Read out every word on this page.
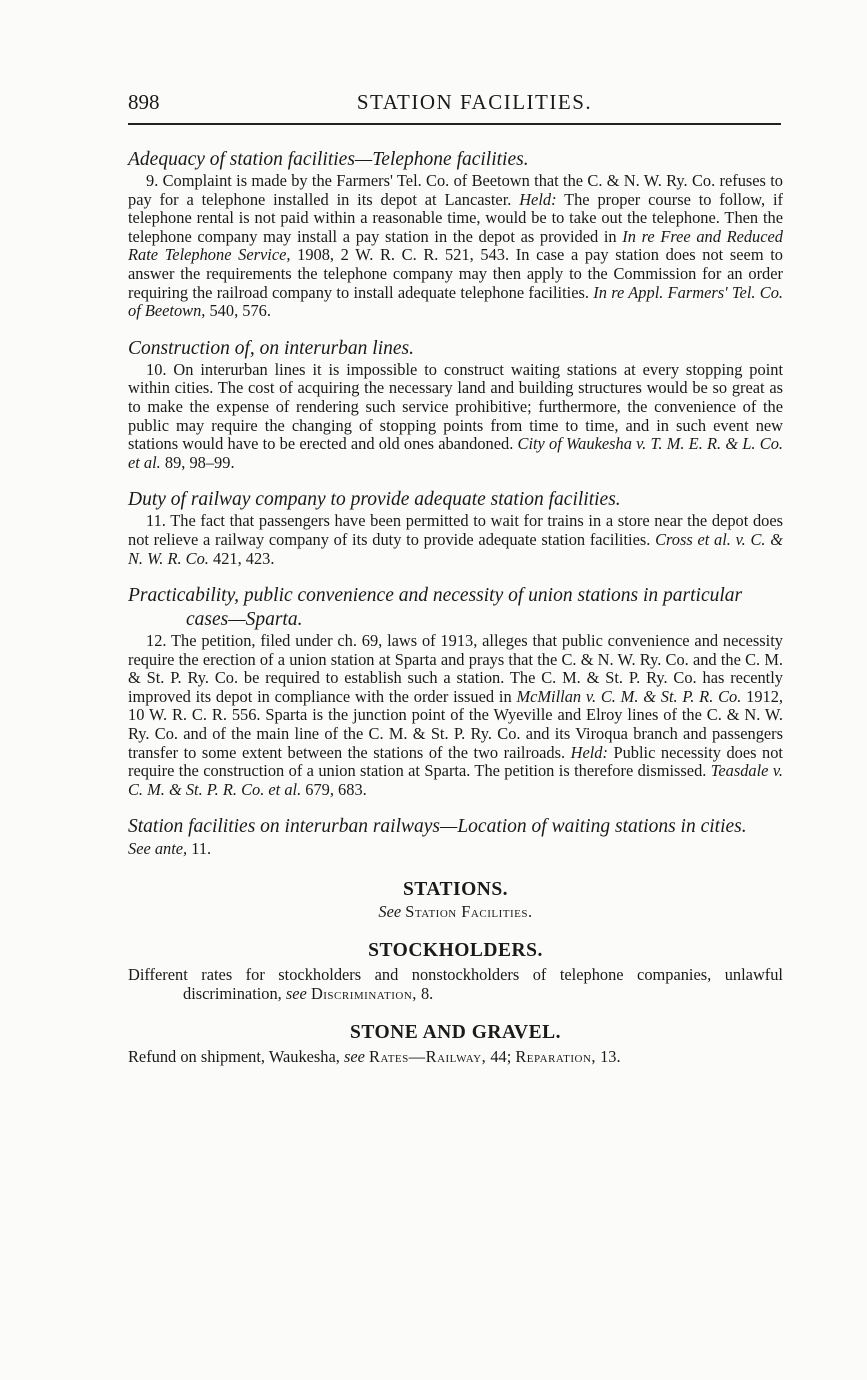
898	STATION FACILITIES.

Adequacy of station facilities—Telephone facilities.

9. Complaint is made by the Farmers' Tel. Co. of Beetown that the C. & N. W. Ry. Co. refuses to pay for a telephone installed in its depot at Lancaster. Held: The proper course to follow, if telephone rental is not paid within a reasonable time, would be to take out the telephone. Then the telephone company may install a pay station in the depot as provided in In re Free and Reduced Rate Telephone Service, 1908, 2 W. R. C. R. 521, 543. In case a pay station does not seem to answer the requirements the telephone company may then apply to the Commission for an order requiring the railroad company to install adequate telephone facilities. In re Appl. Farmers' Tel. Co. of Beetown, 540, 576.

Construction of, on interurban lines.

10. On interurban lines it is impossible to construct waiting stations at every stopping point within cities. The cost of acquiring the necessary land and building structures would be so great as to make the expense of rendering such service prohibitive; furthermore, the convenience of the public may require the changing of stopping points from time to time, and in such event new stations would have to be erected and old ones abandoned. City of Waukesha v. T. M. E. R. & L. Co. et al. 89, 98–99.

Duty of railway company to provide adequate station facilities.

11. The fact that passengers have been permitted to wait for trains in a store near the depot does not relieve a railway company of its duty to provide adequate station facilities. Cross et al. v. C. & N. W. R. Co. 421, 423.

Practicability, public convenience and necessity of union stations in particular cases—Sparta.

12. The petition, filed under ch. 69, laws of 1913, alleges that public convenience and necessity require the erection of a union station at Sparta and prays that the C. & N. W. Ry. Co. and the C. M. & St. P. Ry. Co. be required to establish such a station. The C. M. & St. P. Ry. Co. has recently improved its depot in compliance with the order issued in McMillan v. C. M. & St. P. R. Co. 1912, 10 W. R. C. R. 556. Sparta is the junction point of the Wyeville and Elroy lines of the C. & N. W. Ry. Co. and of the main line of the C. M. & St. P. Ry. Co. and its Viroqua branch and passengers transfer to some extent between the stations of the two railroads. Held: Public necessity does not require the construction of a union station at Sparta. The petition is therefore dismissed. Teasdale v. C. M. & St. P. R. Co. et al. 679, 683.

Station facilities on interurban railways—Location of waiting stations in cities.

See ante, 11.

STATIONS.

See Station Facilities.

STOCKHOLDERS.

Different rates for stockholders and nonstockholders of telephone companies, unlawful discrimination, see Discrimination, 8.

STONE AND GRAVEL.

Refund on shipment, Waukesha, see Rates—Railway, 44; Reparation, 13.
